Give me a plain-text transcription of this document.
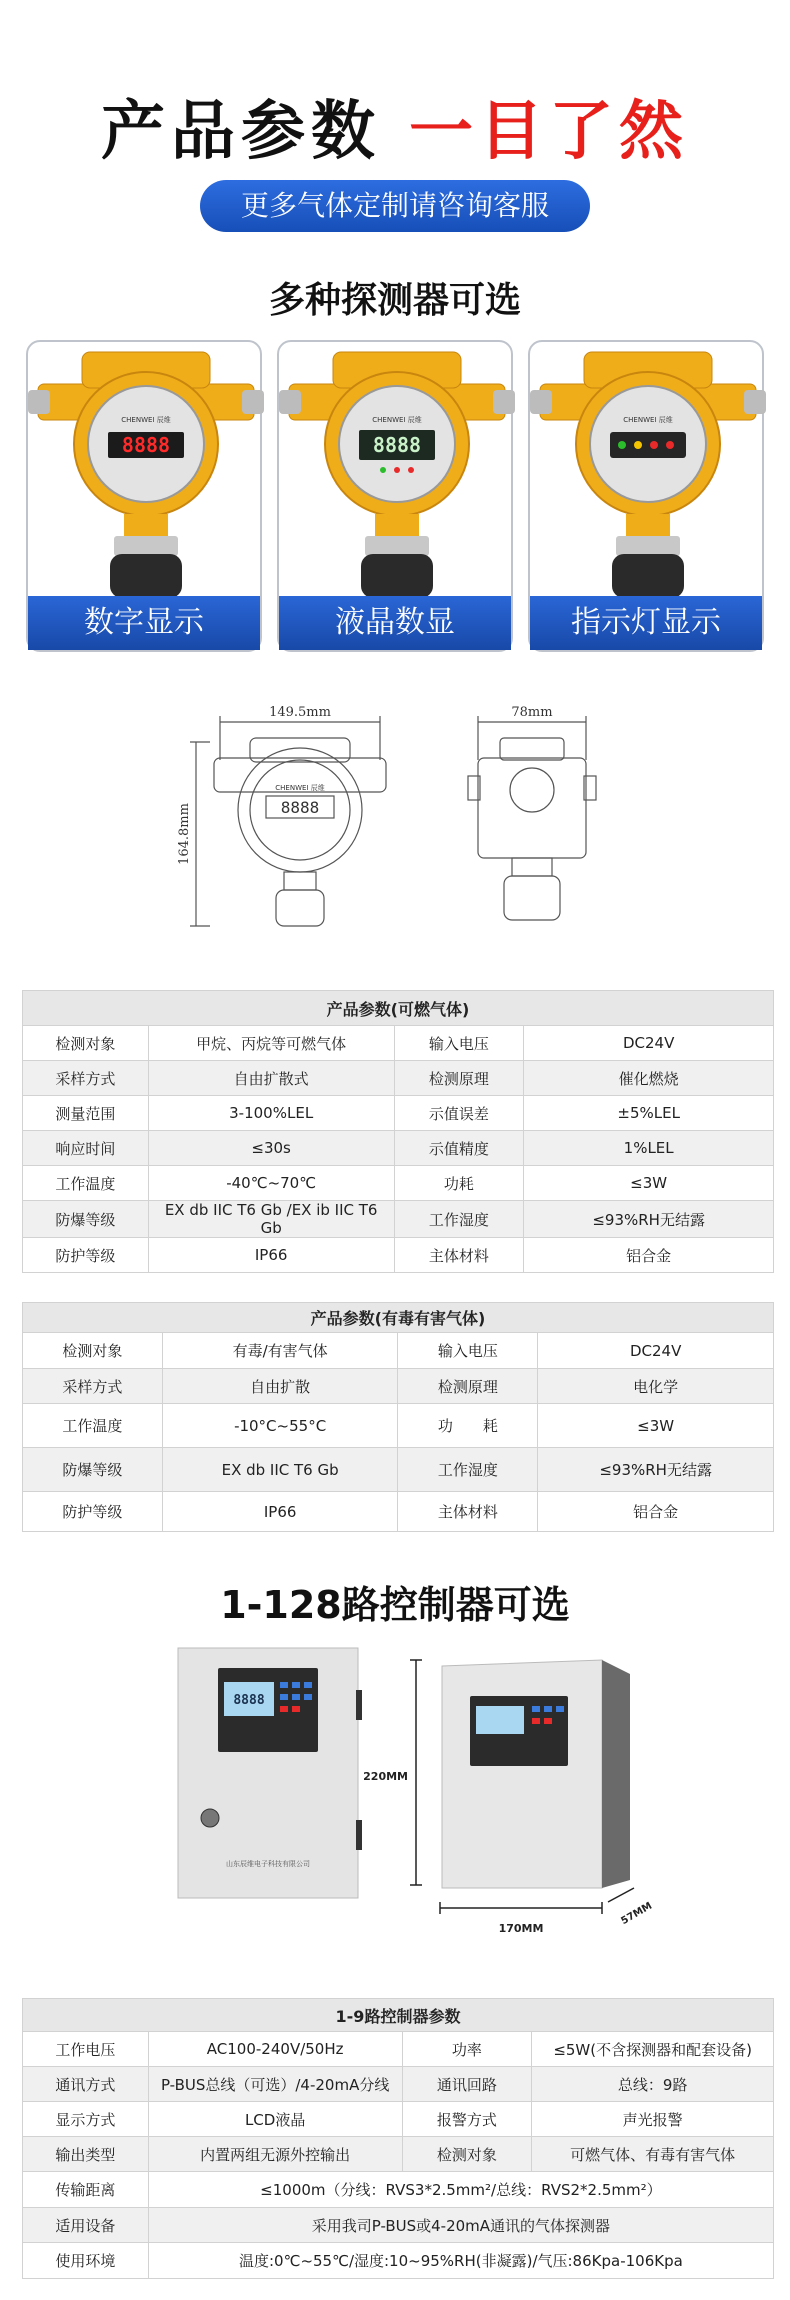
产品参数 一目了然
更多气体定制请咨询客服
多种探测器可选
8888
CHENWEI 辰维
数字显示
8888
CHENWEI 辰维
液晶数显
CHENWEI 辰维
指示灯显示
149.5mm	78mm
164.8mm
CHENWEI 辰维
8888
产品参数(可燃气体)			
检测对象	甲烷、丙烷等可燃气体	输入电压	DC24V
采样方式	自由扩散式	检测原理	催化燃烧
测量范围	3-100%LEL	示值误差	±5%LEL
响应时间	≤30s	示值精度	1%LEL
工作温度	-40℃~70℃	功耗	≤3W
防爆等级	EX db IIC T6 Gb /EX ib IIC T6 Gb	工作湿度	≤93%RH无结露
防护等级	IP66	主体材料	铝合金
产品参数(有毒有害气体)			
检测对象	有毒/有害气体	输入电压	DC24V
采样方式	自由扩散	检测原理	电化学
工作温度	-10°C~55°C	功　　耗	≤3W
防爆等级	EX db IIC T6 Gb	工作湿度	≤93%RH无结露
防护等级	IP66	主体材料	铝合金
1-128路控制器可选
8888
山东辰维电子科技有限公司
220MM
170MM
57MM
1-9路控制器参数			
工作电压	AC100-240V/50Hz	功率	≤5W(不含探测器和配套设备)
通讯方式	P-BUS总线（可选）/4-20mA分线	通讯回路	总线：9路
显示方式	LCD液晶	报警方式	声光报警
输出类型	内置两组无源外控输出	检测对象	可燃气体、有毒有害气体
传输距离	≤1000m（分线：RVS3*2.5mm²/总线：RVS2*2.5mm²）		
适用设备	采用我司P-BUS或4-20mA通讯的气体探测器		
使用环境	温度:0℃~55℃/湿度:10~95%RH(非凝露)/气压:86Kpa-106Kpa		
